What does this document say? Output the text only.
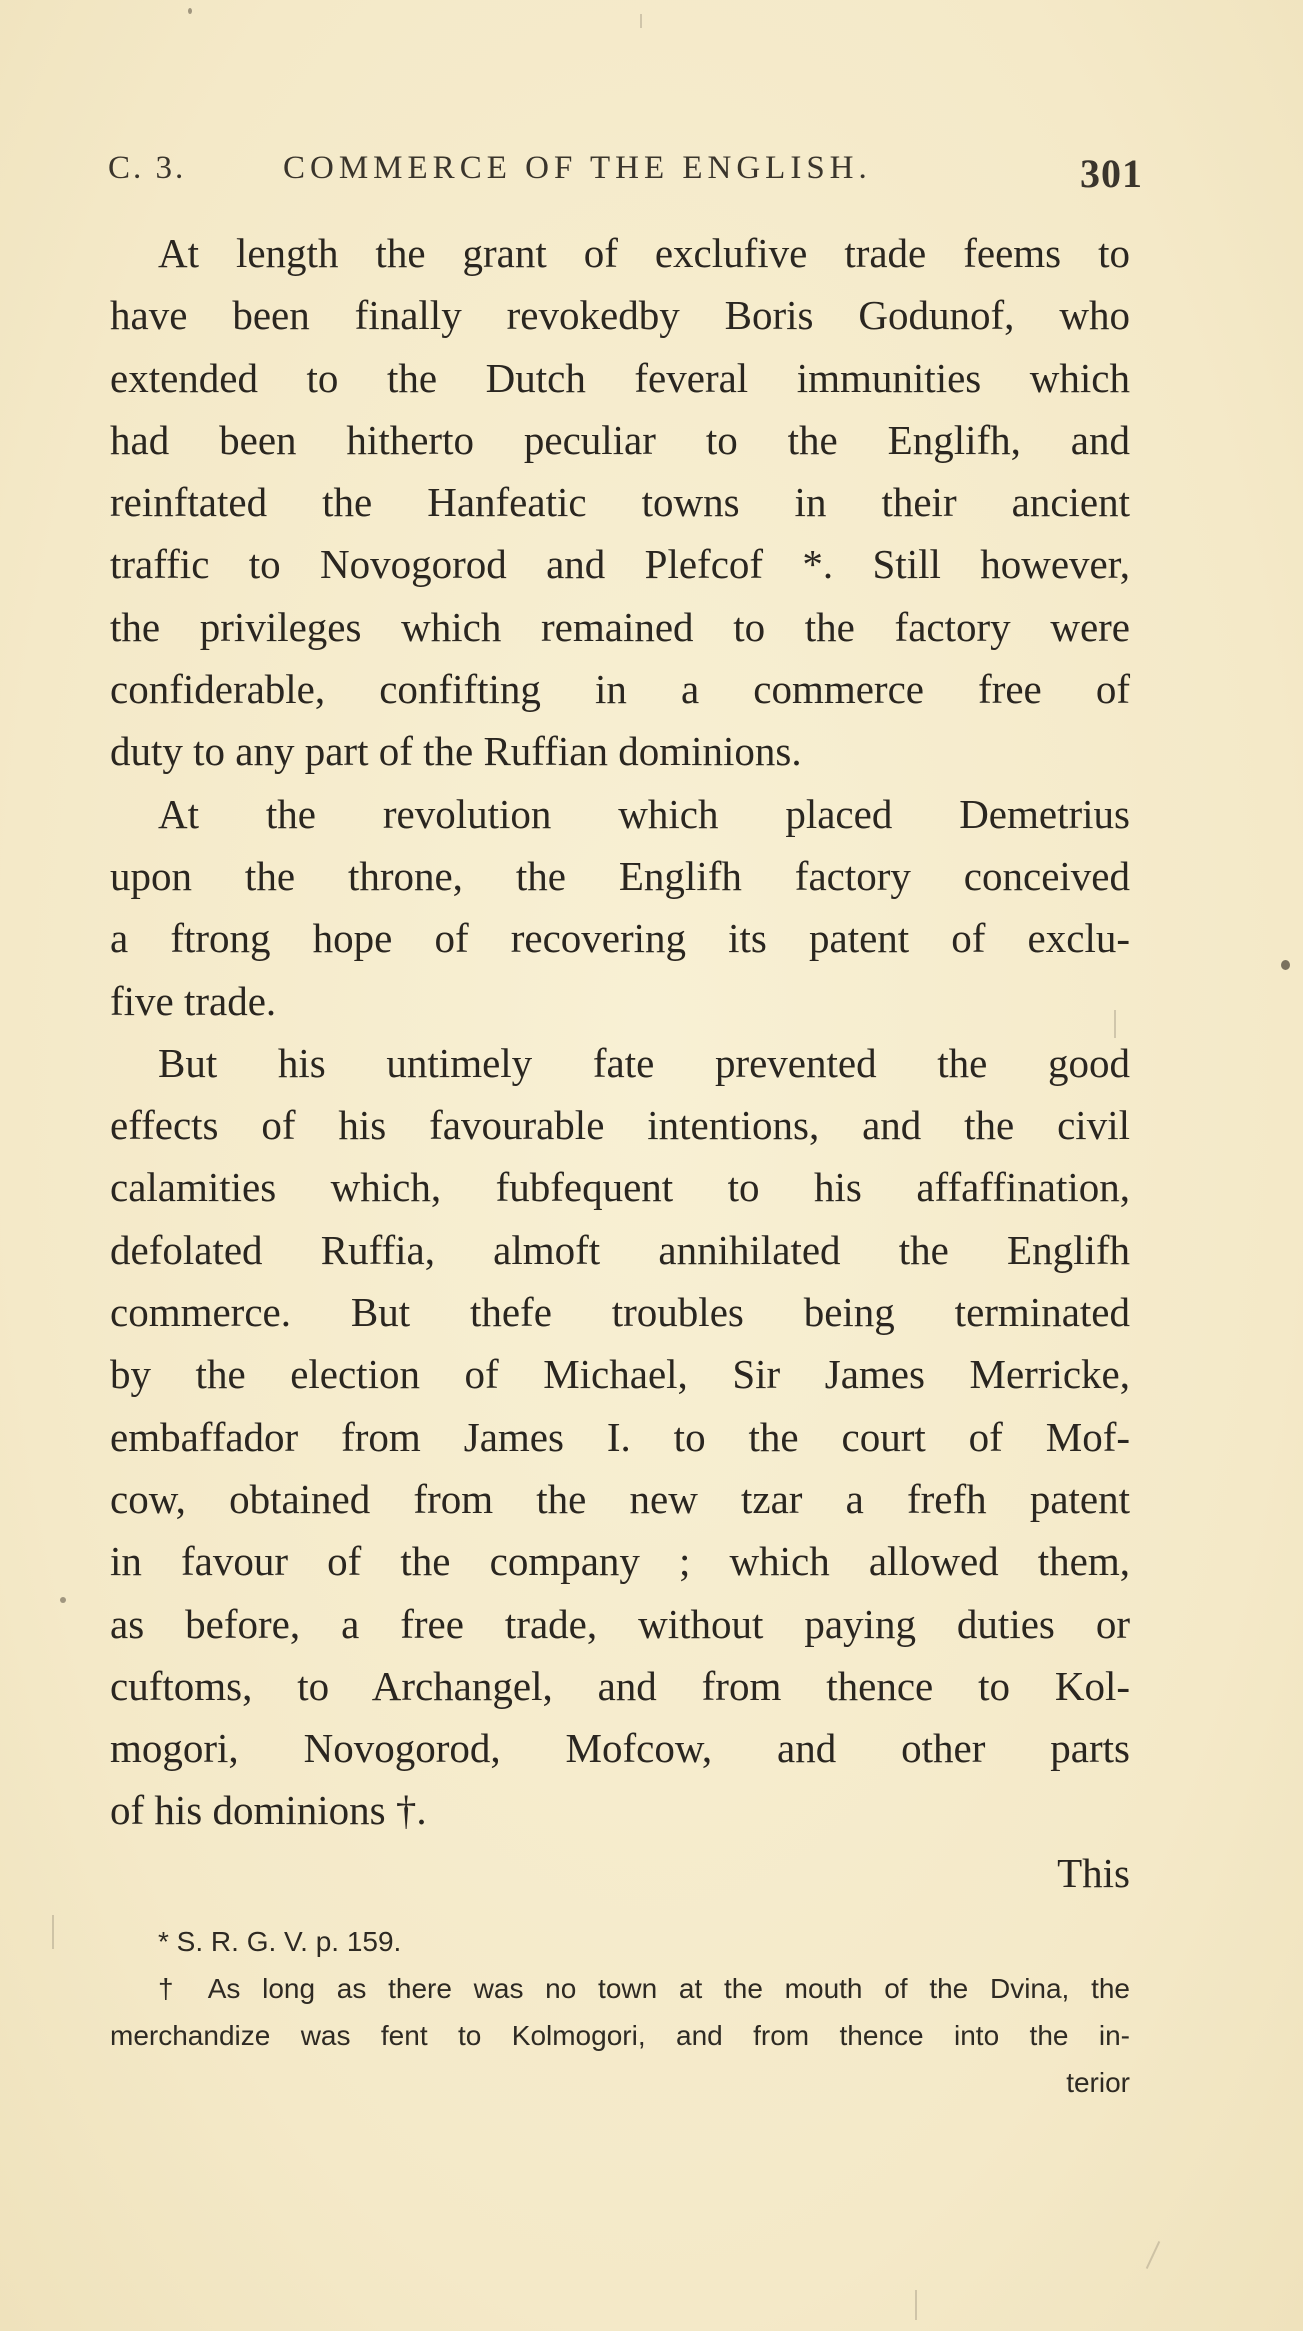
C. 3.	COMMERCE OF THE ENGLISH.	301
At length the grant of exclufive trade feems to
have been finally revokedby Boris Godunof, who
extended to the Dutch feveral immunities which
had been hitherto peculiar to the Englifh, and
reinftated the Hanfeatic towns in their ancient
traffic to Novogorod and Plefcof *. Still however,
the privileges which remained to the factory were
confiderable, confifting in a commerce free of
duty to any part of the Ruffian dominions.
At the revolution which placed Demetrius
upon the throne, the Englifh factory conceived
a ftrong hope of recovering its patent of exclu-
five trade.
But his untimely fate prevented the good
effects of his favourable intentions, and the civil
calamities which, fubfequent to his affaffination,
defolated Ruffia, almoft annihilated the Englifh
commerce. But thefe troubles being terminated
by the election of Michael, Sir James Merricke,
embaffador from James I. to the court of Mof-
cow, obtained from the new tzar a frefh patent
in favour of the company ; which allowed them,
as before, a free trade, without paying duties or
cuftoms, to Archangel, and from thence to Kol-
mogori, Novogorod, Mofcow, and other parts
of his dominions †.
This
* S. R. G. V. p. 159.
† As long as there was no town at the mouth of the Dvina, the
merchandize was fent to Kolmogori, and from thence into the in-
terior
